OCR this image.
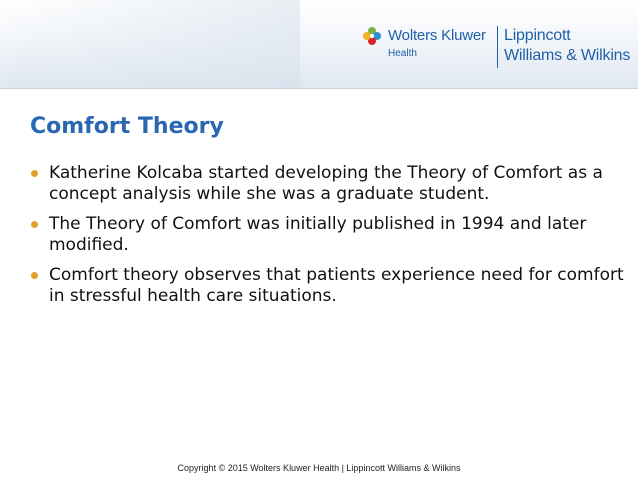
Wolters Kluwer
Health
Lippincott
Williams & Wilkins
Comfort Theory
Katherine Kolcaba started developing the Theory of Comfort as a concept analysis while she was a graduate student.
The Theory of Comfort was initially published in 1994 and later modified.
Comfort theory observes that patients experience need for comfort in stressful health care situations.
Copyright © 2015 Wolters Kluwer Health | Lippincott Williams & Wilkins
